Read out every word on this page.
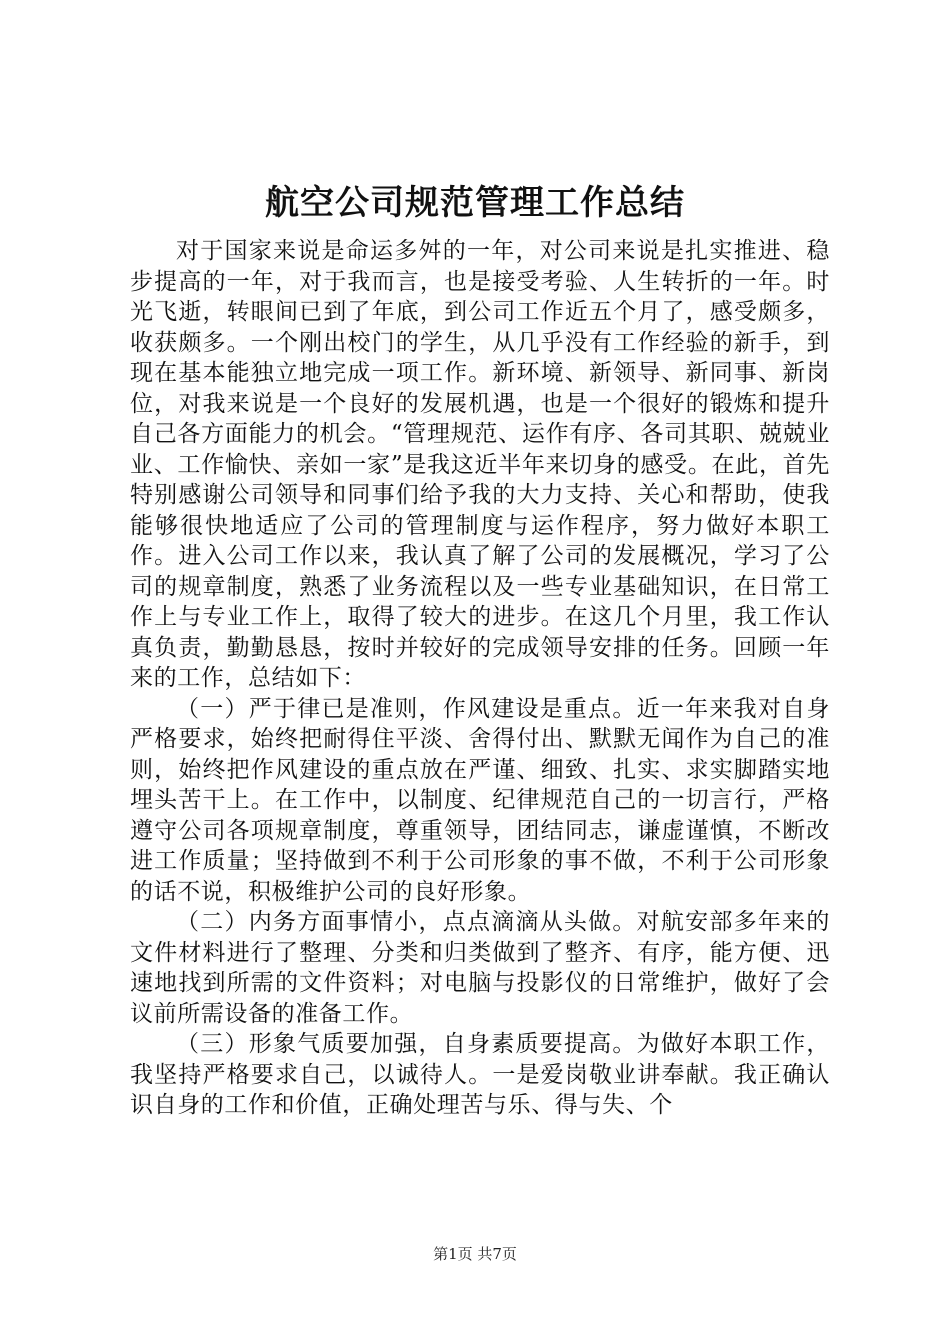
航空公司规范管理工作总结

对于国家来说是命运多舛的一年，对公司来说是扎实推进、稳步提高的一年，对于我而言，也是接受考验、人生转折的一年。时光飞逝，转眼间已到了年底，到公司工作近五个月了，感受颇多，收获颇多。一个刚出校门的学生，从几乎没有工作经验的新手，到现在基本能独立地完成一项工作。新环境、新领导、新同事、新岗位，对我来说是一个良好的发展机遇，也是一个很好的锻炼和提升自己各方面能力的机会。“管理规范、运作有序、各司其职、兢兢业业、工作愉快、亲如一家”是我这近半年来切身的感受。在此，首先特别感谢公司领导和同事们给予我的大力支持、关心和帮助，使我能够很快地适应了公司的管理制度与运作程序，努力做好本职工作。进入公司工作以来，我认真了解了公司的发展概况，学习了公司的规章制度，熟悉了业务流程以及一些专业基础知识，在日常工作上与专业工作上，取得了较大的进步。在这几个月里，我工作认真负责，勤勤恳恳，按时并较好的完成领导安排的任务。回顾一年来的工作，总结如下：

（一）严于律已是准则，作风建设是重点。近一年来我对自身严格要求，始终把耐得住平淡、舍得付出、默默无闻作为自己的准则，始终把作风建设的重点放在严谨、细致、扎实、求实脚踏实地埋头苦干上。在工作中，以制度、纪律规范自己的一切言行，严格遵守公司各项规章制度，尊重领导，团结同志，谦虚谨慎，不断改进工作质量；坚持做到不利于公司形象的事不做，不利于公司形象的话不说，积极维护公司的良好形象。

（二）内务方面事情小，点点滴滴从头做。对航安部多年来的文件材料进行了整理、分类和归类做到了整齐、有序，能方便、迅速地找到所需的文件资料；对电脑与投影仪的日常维护，做好了会议前所需设备的准备工作。

（三）形象气质要加强，自身素质要提高。为做好本职工作，我坚持严格要求自己，以诚待人。一是爱岗敬业讲奉献。我正确认识自身的工作和价值，正确处理苦与乐、得与失、个

第1页 共7页
